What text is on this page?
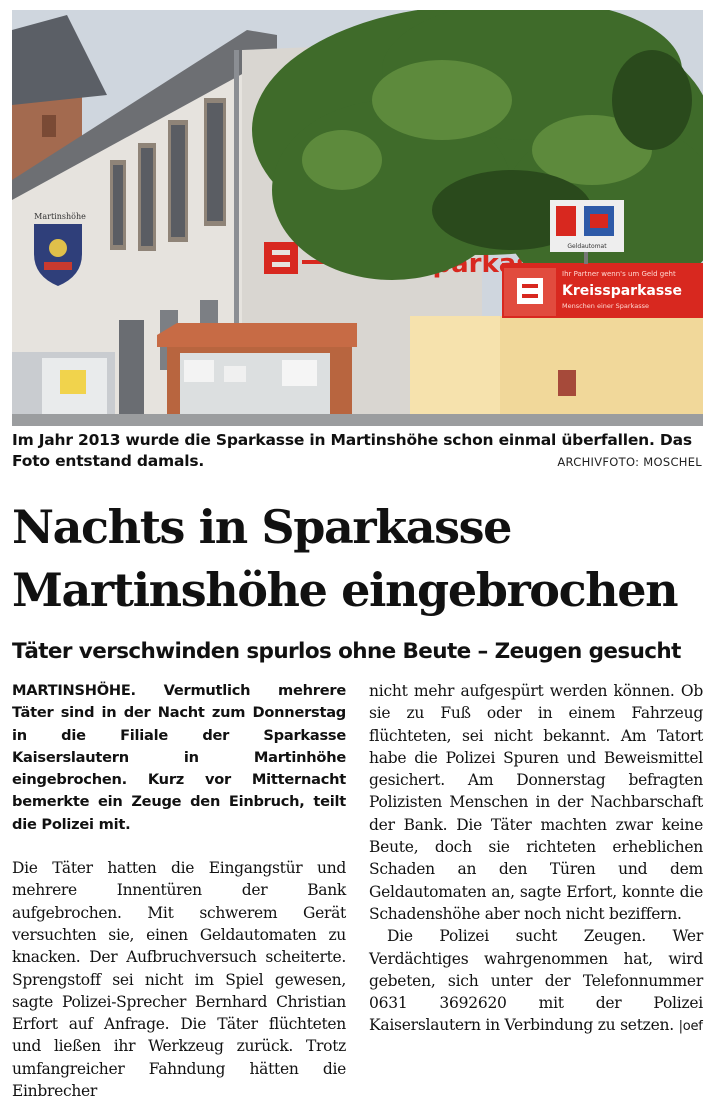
Martinshöhe
Ihr Partner wenn's um Geld geht
Kreissparkasse
Menschen einer Sparkasse
Geldautomat

Im Jahr 2013 wurde die Sparkasse in Martinshöhe schon einmal überfallen. Das Foto entstand damals.	ARCHIVFOTO: MOSCHEL
Nachts in Sparkasse
Martinshöhe eingebrochen
Täter verschwinden spurlos ohne Beute – Zeugen gesucht

MARTINSHÖHE. Vermutlich mehrere Täter sind in der Nacht zum Donnerstag in die Filiale der Sparkasse Kaiserslautern in Martinhöhe eingebrochen. Kurz vor Mitternacht bemerkte ein Zeuge den Einbruch, teilt die Polizei mit.

Die Täter hatten die Eingangstür und mehrere Innentüren der Bank aufgebrochen. Mit schwerem Gerät versuchten sie, einen Geldautomaten zu knacken. Der Aufbruchversuch scheiterte. Sprengstoff sei nicht im Spiel gewesen, sagte Polizei-Sprecher Bernhard Christian Erfort auf Anfrage. Die Täter flüchteten und ließen ihr Werkzeug zurück. Trotz umfangreicher Fahndung hätten die Einbrecher

nicht mehr aufgespürt werden können. Ob sie zu Fuß oder in einem Fahrzeug flüchteten, sei nicht bekannt. Am Tatort habe die Polizei Spuren und Beweismittel gesichert. Am Donnerstag befragten Polizisten Menschen in der Nachbarschaft der Bank. Die Täter machten zwar keine Beute, doch sie richteten erheblichen Schaden an den Türen und dem Geldautomaten an, sagte Erfort, konnte die Schadenshöhe aber noch nicht beziffern.

Die Polizei sucht Zeugen. Wer Verdächtiges wahrgenommen hat, wird gebeten, sich unter der Telefonnummer 0631 3692620 mit der Polizei Kaiserslautern in Verbindung zu setzen. |oef
